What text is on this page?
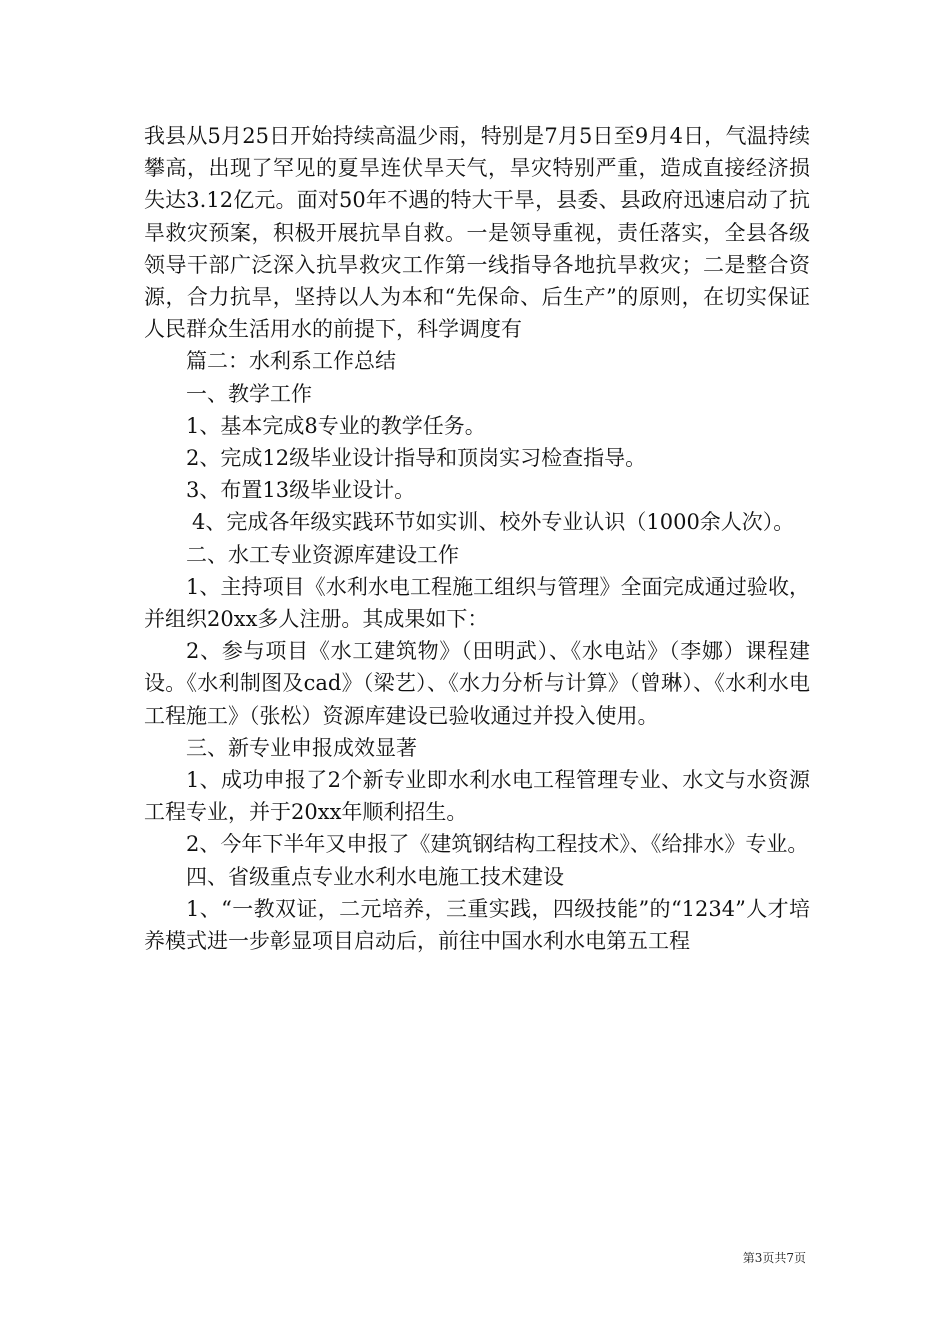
我县从5月25日开始持续高温少雨，特别是7月5日至9月4日，气温持续攀高，出现了罕见的夏旱连伏旱天气，旱灾特别严重，造成直接经济损失达3.12亿元。面对50年不遇的特大干旱，县委、县政府迅速启动了抗旱救灾预案，积极开展抗旱自救。一是领导重视，责任落实，全县各级领导干部广泛深入抗旱救灾工作第一线指导各地抗旱救灾；二是整合资源，合力抗旱，坚持以人为本和“先保命、后生产”的原则，在切实保证人民群众生活用水的前提下，科学调度有

篇二：水利系工作总结

一、教学工作

1、基本完成8专业的教学任务。

2、完成12级毕业设计指导和顶岗实习检查指导。

3、布置13级毕业设计。

4、完成各年级实践环节如实训、校外专业认识（1000余人次）。

二、水工专业资源库建设工作

1、主持项目《水利水电工程施工组织与管理》全面完成通过验收，并组织20xx多人注册。其成果如下：

2、参与项目《水工建筑物》（田明武）、《水电站》（李娜）课程建设。《水利制图及cad》（梁艺）、《水力分析与计算》（曾琳）、《水利水电工程施工》（张松）资源库建设已验收通过并投入使用。

三、新专业申报成效显著

1、成功申报了2个新专业即水利水电工程管理专业、水文与水资源工程专业，并于20xx年顺利招生。

2、今年下半年又申报了《建筑钢结构工程技术》、《给排水》专业。

四、省级重点专业水利水电施工技术建设

1、“一教双证，二元培养，三重实践，四级技能”的“1234”人才培养模式进一步彰显项目启动后，前往中国水利水电第五工程

第3页共7页
